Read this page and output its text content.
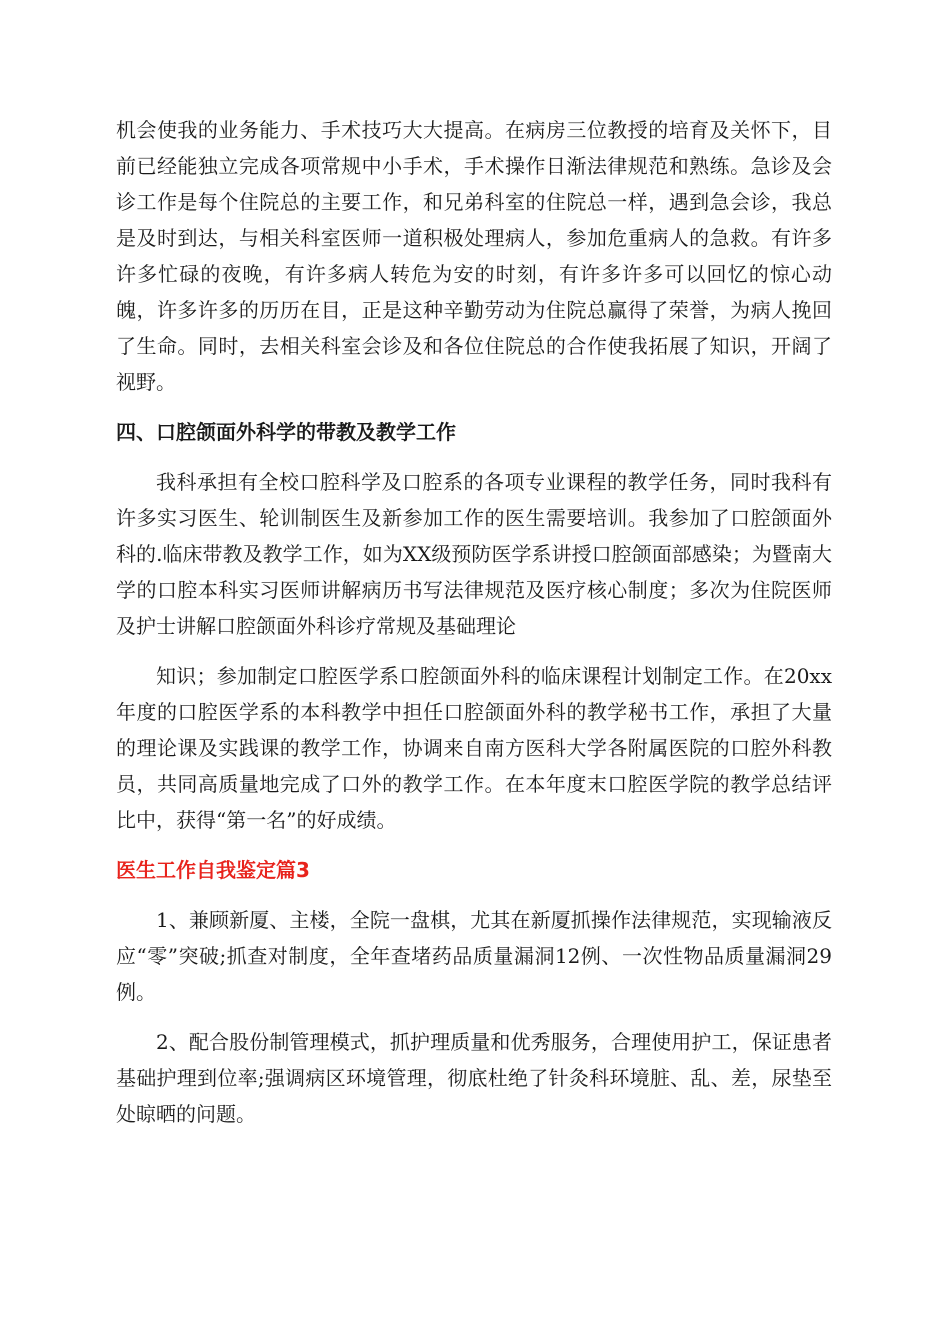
机会使我的业务能力、手术技巧大大提高。在病房三位教授的培育及关怀下，目前已经能独立完成各项常规中小手术，手术操作日渐法律规范和熟练。急诊及会诊工作是每个住院总的主要工作，和兄弟科室的住院总一样，遇到急会诊，我总是及时到达，与相关科室医师一道积极处理病人，参加危重病人的急救。有许多许多忙碌的夜晚，有许多病人转危为安的时刻，有许多许多可以回忆的惊心动魄，许多许多的历历在目，正是这种辛勤劳动为住院总赢得了荣誉，为病人挽回了生命。同时，去相关科室会诊及和各位住院总的合作使我拓展了知识，开阔了视野。

四、口腔颌面外科学的带教及教学工作

我科承担有全校口腔科学及口腔系的各项专业课程的教学任务，同时我科有许多实习医生、轮训制医生及新参加工作的医生需要培训。我参加了口腔颌面外科的.临床带教及教学工作，如为XX级预防医学系讲授口腔颌面部感染；为暨南大学的口腔本科实习医师讲解病历书写法律规范及医疗核心制度；多次为住院医师及护士讲解口腔颌面外科诊疗常规及基础理论

知识；参加制定口腔医学系口腔颌面外科的临床课程计划制定工作。在20xx年度的口腔医学系的本科教学中担任口腔颌面外科的教学秘书工作，承担了大量的理论课及实践课的教学工作，协调来自南方医科大学各附属医院的口腔外科教员，共同高质量地完成了口外的教学工作。在本年度末口腔医学院的教学总结评比中，获得“第一名”的好成绩。

医生工作自我鉴定篇3

1、兼顾新厦、主楼，全院一盘棋，尤其在新厦抓操作法律规范，实现输液反应“零”突破;抓查对制度，全年查堵药品质量漏洞12例、一次性物品质量漏洞29例。

2、配合股份制管理模式，抓护理质量和优秀服务，合理使用护工，保证患者基础护理到位率;强调病区环境管理，彻底杜绝了针灸科环境脏、乱、差，尿垫至处晾晒的问题。
